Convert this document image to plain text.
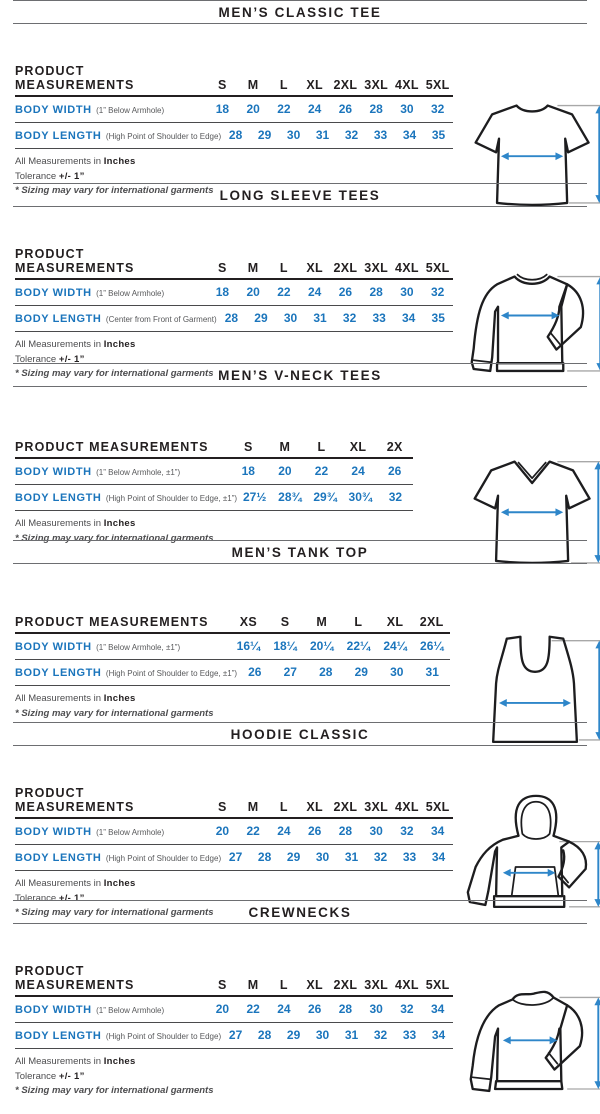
MEN’S CLASSIC TEE
PRODUCT MEASUREMENTS	S	M	L	XL 2XL 3XL 4XL 5XL
BODY WIDTH (1” Below Armhole)	18	20	22	24	26	28	30	32
BODY LENGTH (High Point of Shoulder to Edge) 28	29	30	31	32	33	34	35

All Measurements in Inches

Tolerance +/- 1”

* Sizing may vary for international garments LONG SLEEVE TEES
PRODUCT MEASUREMENTS	S	M	L	XL 2XL 3XL 4XL 5XL
BODY WIDTH (1” Below Armhole)	18	20	22	24	26	28	30	32
BODY LENGTH (Center from Front of Garment) 28	29	30	31	32	33	34	35

All Measurements in Inches

Tolerance +/- 1”

* Sizing may vary for international garments MEN’S V-NECK TEES
PRODUCT MEASUREMENTS	S	M	L	XL	2X
BODY WIDTH (1” Below Armhole, ±1”)	18	20	22	24	26
BODY LENGTH (High Point of Shoulder to Edge, ±1”) 27½ 28¾ 29¾ 30¾	32

All Measurements in Inches

* Sizing may vary for international garments

MEN’S TANK TOP
PRODUCT MEASUREMENTS	XS	S	M	L	XL	2XL
BODY WIDTH (1” Below Armhole, ±1”)	16¼	18¼	20¼	22¼	24¼	26¼
BODY LENGTH (High Point of Shoulder to Edge, ±1”) 26	27	28	29	30	31

All Measurements in Inches

* Sizing may vary for international garments

HOODIE CLASSIC
PRODUCT MEASUREMENTS	S	M	L	XL 2XL 3XL 4XL 5XL
BODY WIDTH (1” Below Armhole)	20	22	24	26	28	30	32	34
BODY LENGTH (High Point of Shoulder to Edge) 27	28	29	30	31	32	33	34

All Measurements in Inches

Tolerance +/- 1”

* Sizing may vary for international garments	CREWNECKS
PRODUCT MEASUREMENTS	S	M	L	XL 2XL 3XL 4XL 5XL
BODY WIDTH (1” Below Armhole)	20	22	24	26	28	30	32	34
BODY LENGTH (High Point of Shoulder to Edge) 27	28	29	30	31	32	33	34

All Measurements in Inches

Tolerance +/- 1”

* Sizing may vary for international garments
